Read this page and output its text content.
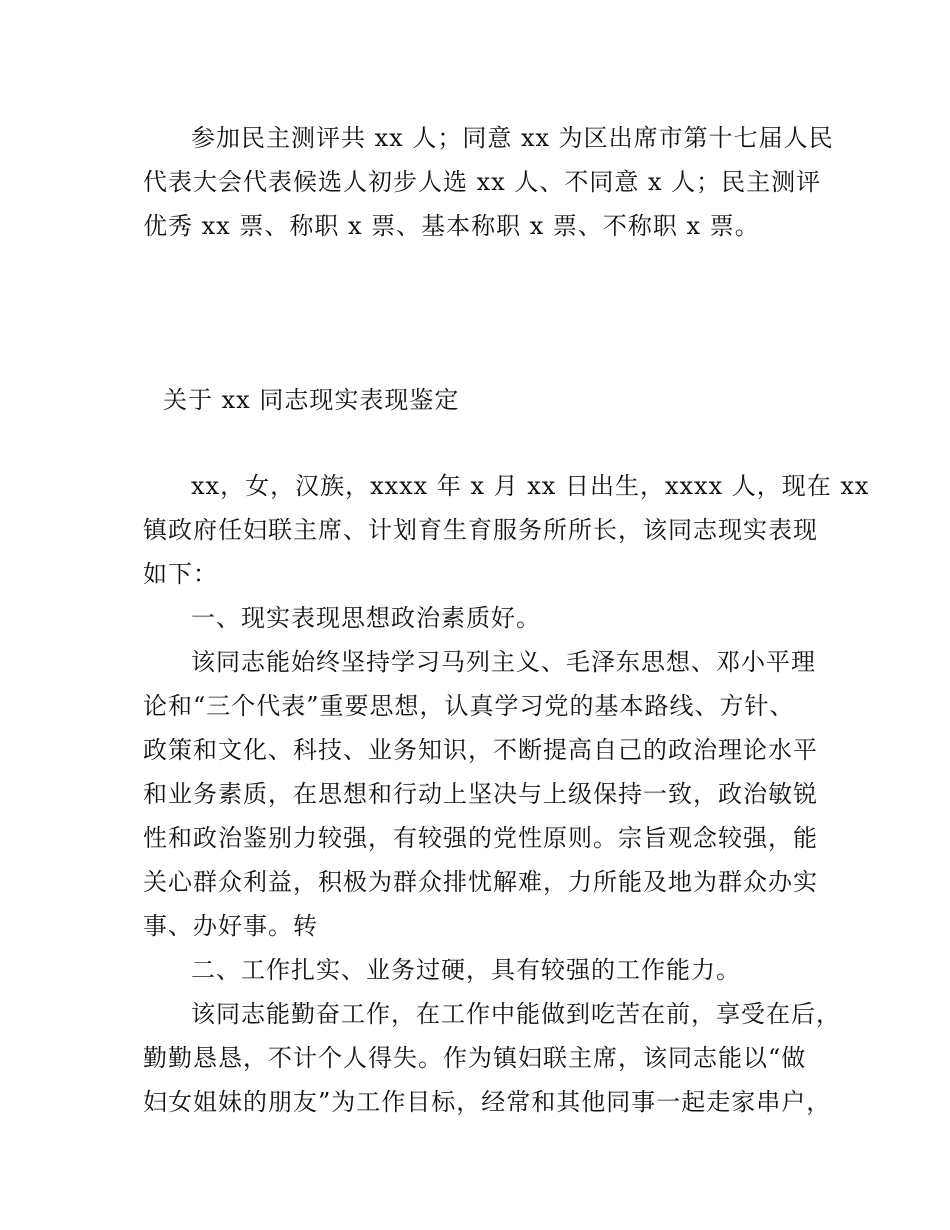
参加民主测评共 xx 人；同意 xx 为区出席市第十七届人民
代表大会代表候选人初步人选 xx 人、不同意 x 人；民主测评
优秀 xx 票、称职 x 票、基本称职 x 票、不称职 x 票。
关于 xx 同志现实表现鉴定
xx，女，汉族，xxxx 年 x 月 xx 日出生，xxxx 人，现在 xx
镇政府任妇联主席、计划育生育服务所所长，该同志现实表现
如下：
一、现实表现思想政治素质好。
该同志能始终坚持学习马列主义、毛泽东思想、邓小平理
论和“三个代表”重要思想，认真学习党的基本路线、方针、
政策和文化、科技、业务知识，不断提高自己的政治理论水平
和业务素质，在思想和行动上坚决与上级保持一致，政治敏锐
性和政治鉴别力较强，有较强的党性原则。宗旨观念较强，能
关心群众利益，积极为群众排忧解难，力所能及地为群众办实
事、办好事。转
二、工作扎实、业务过硬，具有较强的工作能力。
该同志能勤奋工作，在工作中能做到吃苦在前，享受在后，
勤勤恳恳，不计个人得失。作为镇妇联主席，该同志能以“做
妇女姐妹的朋友”为工作目标，经常和其他同事一起走家串户，
